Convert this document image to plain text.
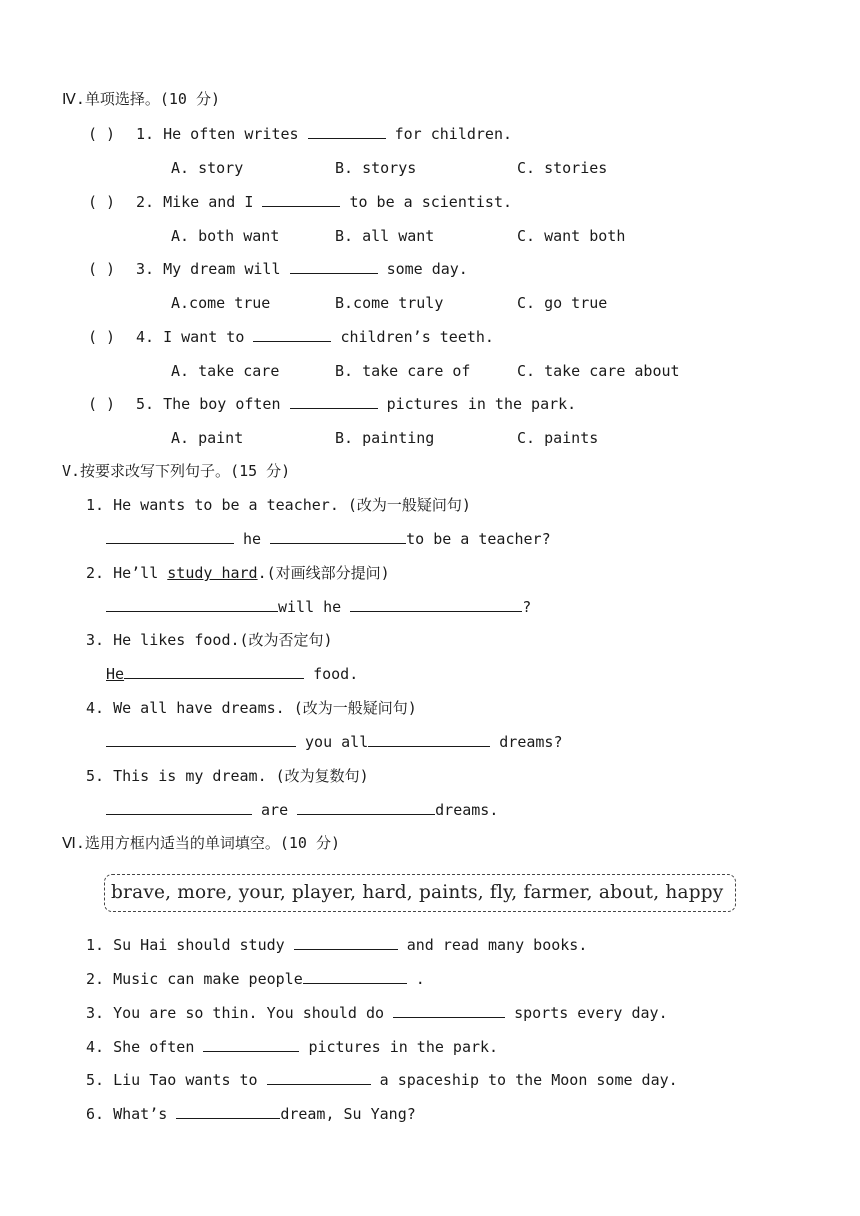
Ⅳ.单项选择。(10 分)
( ) 1. He often writes	for children.
A. story	B. storys	C. stories
( ) 2. Mike and I	to be a scientist.
A. both want	B. all want	C. want both
( ) 3. My dream will	some day.
A.come true	B.come truly	C. go true
( ) 4. I want to	children’s teeth.
A. take care	B. take care of	C. take care about
( ) 5. The boy often	pictures in the park.
A. paint	B. painting	C. paints
V.按要求改写下列句子。(15 分)
1. He wants to be a teacher. (改为一般疑问句)
he	to be a teacher?
2. He’ll study hard.(对画线部分提问)
will he	?
3. He likes food.(改为否定句)
He	food.
4. We all have dreams. (改为一般疑问句)
you all	dreams?
5. This is my dream. (改为复数句)
are	dreams.
Ⅵ.选用方框内适当的单词填空。(10 分)
brave, more, your, player, hard, paints, fly, farmer, about, happy
1. Su Hai should study	and read many books.
2. Music can make people	.
3. You are so thin. You should do	sports every day.
4. She often	pictures in the park.
5. Liu Tao wants to	a spaceship to the Moon some day.
6. What’s	dream, Su Yang?
